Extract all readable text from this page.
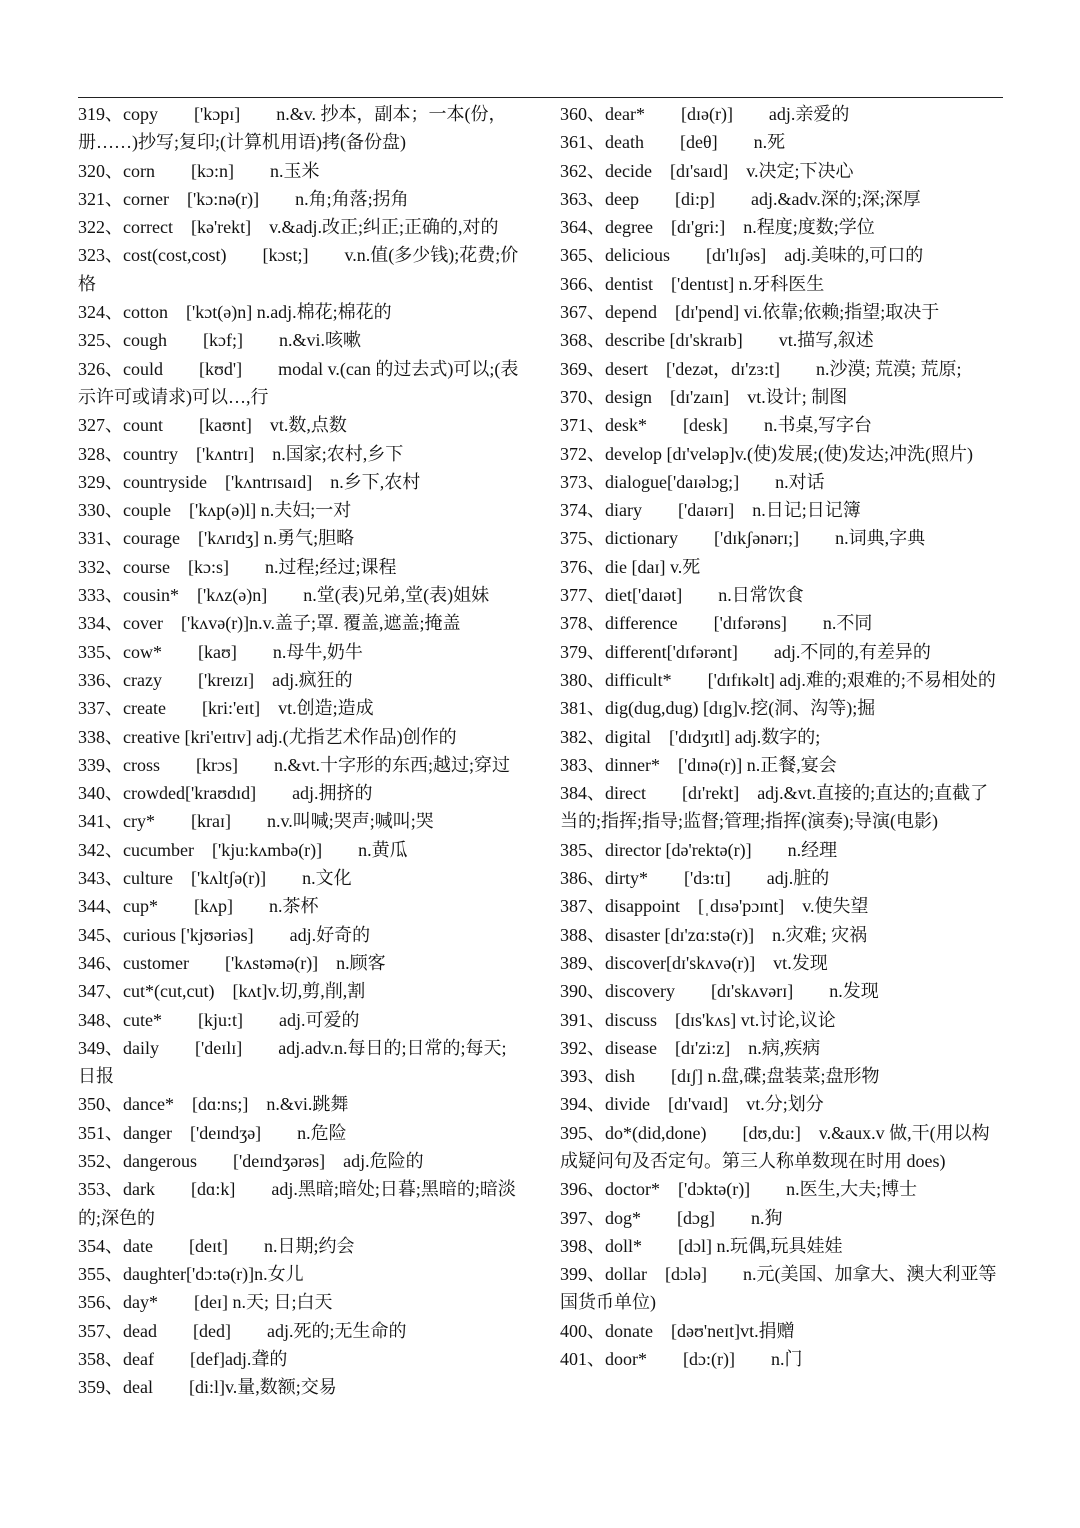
319、copy　　['kɔpɪ]　　n.&v. 抄本，副本；一本(份，册……)抄写;复印;(计算机用语)拷(备份盘)

320、corn　　[kɔ:n]　　n.玉米

321、corner　['kɔ:nə(r)]　　n.角;角落;拐角

322、correct　[kə'rekt]　v.&adj.改正;纠正;正确的,对的

323、cost(cost,cost)　　[kɔst;]　　v.n.值(多少钱);花费;价格

324、cotton　['kɔt(ə)n] n.adj.棉花;棉花的

325、cough　　[kɔf;]　　n.&vi.咳嗽

326、could　　[kʊd']　　modal v.(can 的过去式)可以;(表示许可或请求)可以…,行

327、count　　[kaʊnt]　vt.数,点数

328、country　['kʌntrɪ]　n.国家;农村,乡下

329、countryside　['kʌntrɪsaɪd]　n.乡下,农村

330、couple　['kʌp(ə)l] n.夫妇;一对

331、courage　['kʌrɪdʒ] n.勇气;胆略

332、course　[kɔ:s]　　n.过程;经过;课程

333、cousin*　['kʌz(ə)n]　　n.堂(表)兄弟,堂(表)姐妹

334、cover　['kʌvə(r)]n.v.盖子;罩. 覆盖,遮盖;掩盖

335、cow*　　[kaʊ]　　n.母牛,奶牛

336、crazy　　['kreɪzɪ]　adj.疯狂的

337、create　　[kri:'eɪt]　vt.创造;造成

338、creative [kri'eɪtɪv] adj.(尤指艺术作品)创作的

339、cross　　[krɔs]　　n.&vt.十字形的东西;越过;穿过

340、crowded['kraʊdɪd]　　adj.拥挤的

341、cry*　　[kraɪ]　　n.v.叫喊;哭声;喊叫;哭

342、cucumber　['kju:kʌmbə(r)]　　n.黄瓜

343、culture　['kʌltʃə(r)]　　n.文化

344、cup*　　[kʌp]　　n.茶杯

345、curious ['kjʊəriəs]　　adj.好奇的

346、customer　　['kʌstəmə(r)]　n.顾客

347、cut*(cut,cut)　[kʌt]v.切,剪,削,割

348、cute*　　[kju:t]　　adj.可爱的

349、daily　　['deɪlɪ]　　adj.adv.n.每日的;日常的;每天;日报

350、dance*　[dɑ:ns;]　n.&vi.跳舞

351、danger　['deɪndʒə]　　n.危险

352、dangerous　　['deɪndʒərəs]　adj.危险的

353、dark　　[dɑ:k]　　adj.黑暗;暗处;日暮;黑暗的;暗淡的;深色的

354、date　　[deɪt]　　n.日期;约会

355、daughter['dɔ:tə(r)]n.女儿

356、day*　　[deɪ] n.天; 日;白天

357、dead　　[ded]　　adj.死的;无生命的

358、deaf　　[def]adj.聋的

359、deal　　[di:l]v.量,数额;交易

360、dear*　　[dɪə(r)]　　adj.亲爱的

361、death　　[deθ]　　n.死

362、decide　[dɪ'saɪd]　v.决定;下决心

363、deep　　[di:p]　　adj.&adv.深的;深;深厚

364、degree　[dɪ'gri:]　n.程度;度数;学位

365、delicious　　[dɪ'lɪʃəs]　adj.美味的,可口的

366、dentist　['dentɪst] n.牙科医生

367、depend　[dɪ'pend] vi.依靠;依赖;指望;取决于

368、describe [dɪ'skraɪb]　　vt.描写,叙述

369、desert　['dezət，dɪ'zɜ:t]　　n.沙漠; 荒漠; 荒原;

370、design　[dɪ'zaɪn]　vt.设计; 制图

371、desk*　　[desk]　　n.书桌,写字台

372、develop [dɪ'veləp]v.(使)发展;(使)发达;冲洗(照片)

373、dialogue['daɪəlɔg;]　　n.对话

374、diary　　['daɪərɪ]　n.日记;日记簿

375、dictionary　　['dɪkʃənərɪ;]　　n.词典,字典

376、die [daɪ] v.死

377、diet['daɪət]　　n.日常饮食

378、difference　　['dɪfərəns]　　n.不同

379、different['dɪfərənt]　　adj.不同的,有差异的

380、difficult*　　['dɪfɪkəlt] adj.难的;艰难的;不易相处的

381、dig(dug,dug) [dɪg]v.挖(洞、沟等);掘

382、digital　['dɪdʒɪtl] adj.数字的;

383、dinner*　['dɪnə(r)] n.正餐,宴会

384、direct　　[dɪ'rekt]　adj.&vt.直接的;直达的;直截了当的;指挥;指导;监督;管理;指挥(演奏);导演(电影)

385、director [də'rektə(r)]　　n.经理

386、dirty*　　['dɜ:tɪ]　　adj.脏的

387、disappoint　[ˌdɪsə'pɔɪnt]　v.使失望

388、disaster [dɪ'zɑ:stə(r)]　n.灾难; 灾祸

389、discover[dɪ'skʌvə(r)]　vt.发现

390、discovery　　[dɪ'skʌvərɪ]　　n.发现

391、discuss　[dɪs'kʌs] vt.讨论,议论

392、disease　[dɪ'zi:z]　n.病,疾病

393、dish　　[dɪʃ] n.盘,碟;盘装菜;盘形物

394、divide　[dɪ'vaɪd]　vt.分;划分

395、do*(did,done)　　[dʊ,du:]　v.&aux.v 做,干(用以构成疑问句及否定句。第三人称单数现在时用 does)

396、doctor*　['dɔktə(r)]　　n.医生,大夫;博士

397、dog*　　[dɔg]　　n.狗

398、doll*　　[dɔl] n.玩偶,玩具娃娃

399、dollar　[dɔlə]　　n.元(美国、加拿大、澳大利亚等国货币单位)

400、donate　[dəʊ'neɪt]vt.捐赠

401、door*　　[dɔ:(r)]　　n.门
